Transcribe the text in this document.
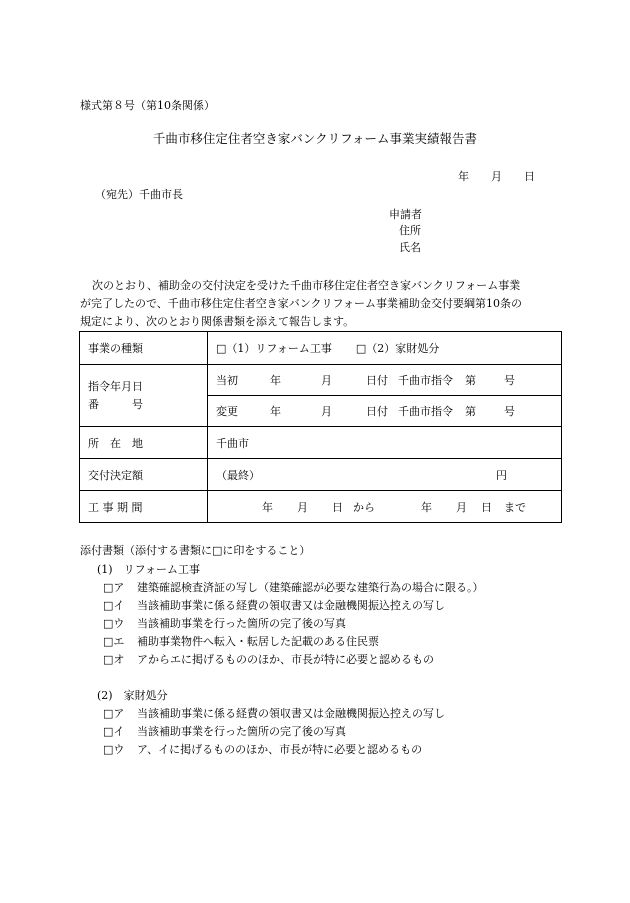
様式第８号（第10条関係）
千曲市移住定住者空き家バンクリフォーム事業実績報告書
年 月 日
（宛先）千曲市長
申請者
住所
氏名

次のとおり、補助金の交付決定を受けた千曲市移住定住者空き家バンクリフォーム事業

が完了したので、千曲市移住定住者空き家バンクリフォーム事業補助金交付要綱第10条の

規定により、次のとおり関係書類を添えて報告します。

事業の種類	□（1）リフォーム工事 □（2）家財処分

指令年月日
番　　　号	当初 年 月 日付 千曲市指令 第 号
	変更 年 月 日付 千曲市指令 第 号
所　在　地	千曲市
交付決定額	（最終） 円
工 事 期 間	年 月 日 から 年 月 日 まで
添付書類（添付する書類に□に印をすること）
(1)　リフォーム工事
□ア 建築確認検査済証の写し（建築確認が必要な建築行為の場合に限る。）
□イ 当該補助事業に係る経費の領収書又は金融機関振込控えの写し
□ウ 当該補助事業を行った箇所の完了後の写真
□エ 補助事業物件へ転入・転居した記載のある住民票
□オ アからエに掲げるもののほか、市長が特に必要と認めるもの
(2)　家財処分
□ア 当該補助事業に係る経費の領収書又は金融機関振込控えの写し
□イ 当該補助事業を行った箇所の完了後の写真
□ウ ア、イに掲げるもののほか、市長が特に必要と認めるもの
